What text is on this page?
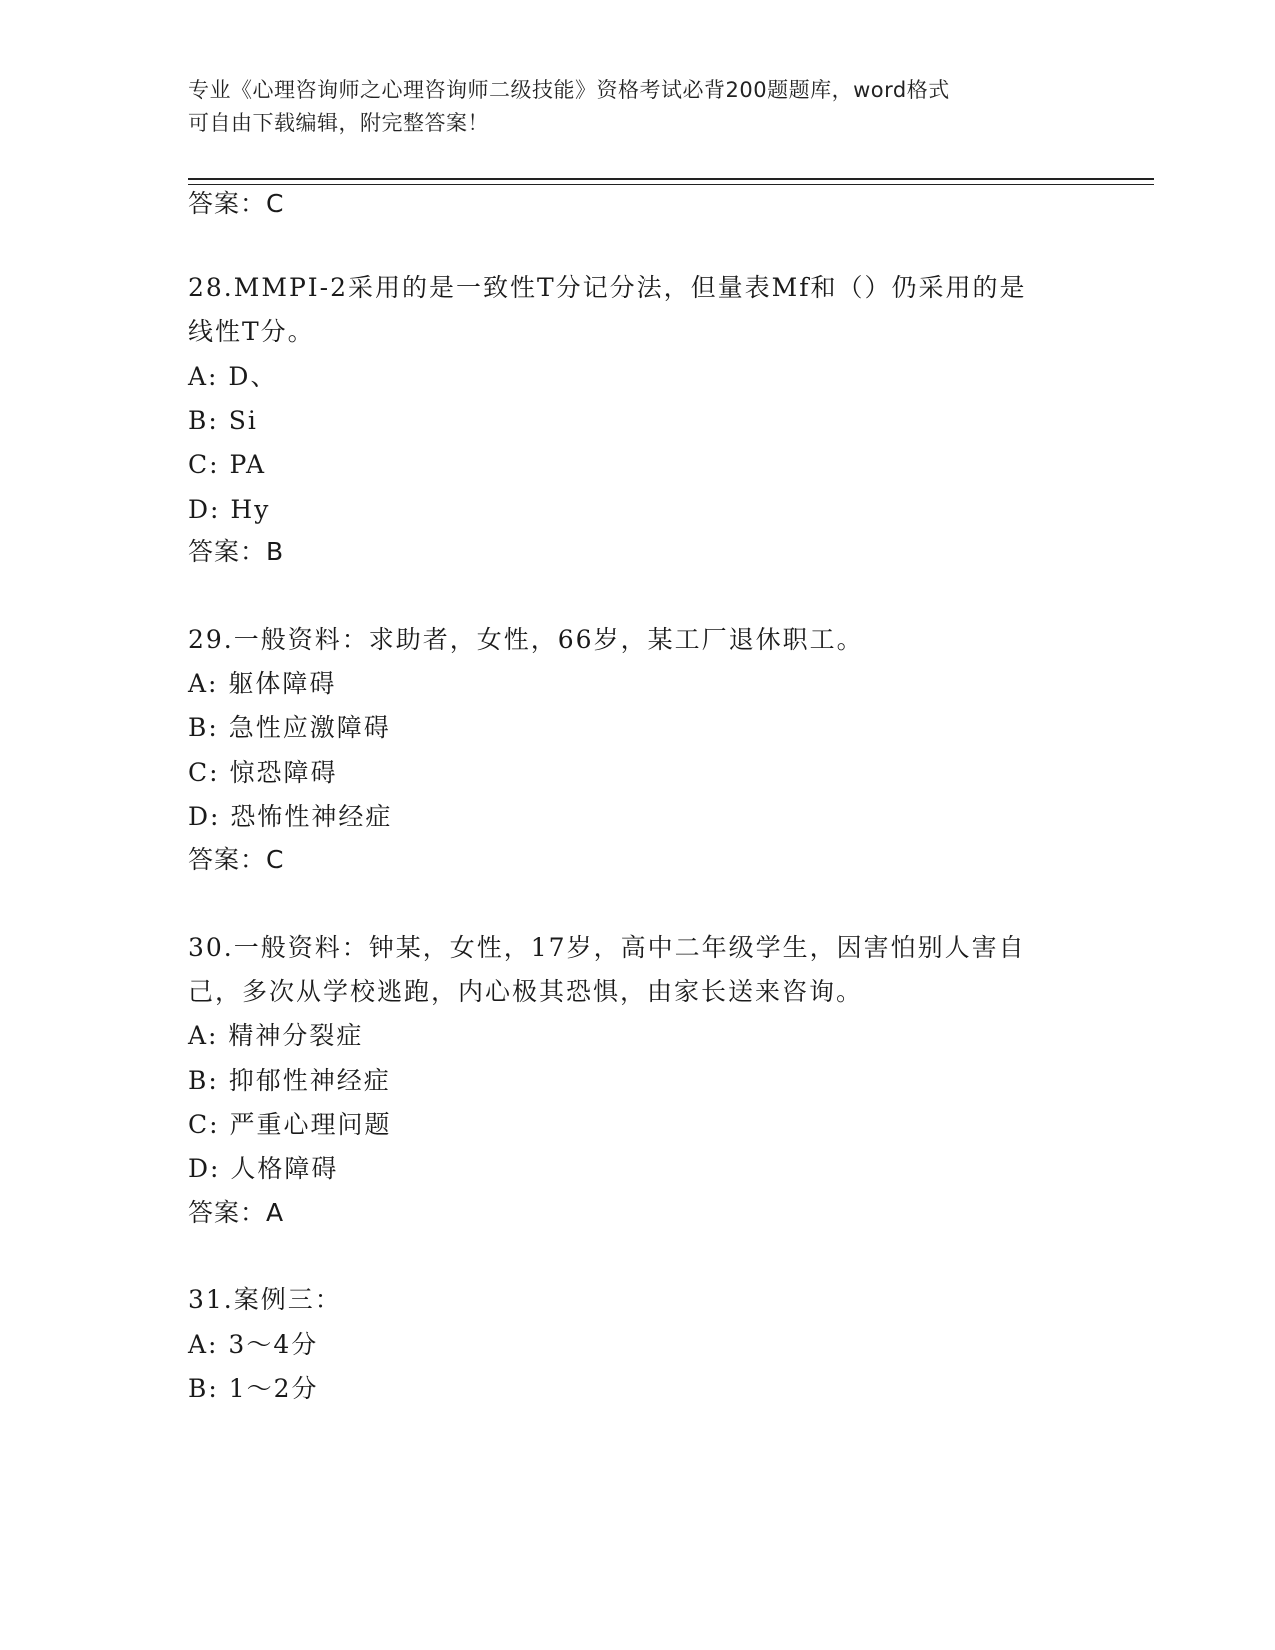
专业《心理咨询师之心理咨询师二级技能》资格考试必背200题题库，word格式
可自由下载编辑，附完整答案！
答案：C
28.MMPI-2采用的是一致性T分记分法，但量表Mf和（）仍采用的是
线性T分。
A: D、
B: Si
C: PA
D: Hy
答案：B
29.一般资料：求助者，女性，66岁，某工厂退休职工。
A: 躯体障碍
B: 急性应激障碍
C: 惊恐障碍
D: 恐怖性神经症
答案：C
30.一般资料：钟某，女性，17岁，高中二年级学生，因害怕别人害自
己，多次从学校逃跑，内心极其恐惧，由家长送来咨询。
A: 精神分裂症
B: 抑郁性神经症
C: 严重心理问题
D: 人格障碍
答案：A
31.案例三：
A: 3～4分
B: 1～2分
